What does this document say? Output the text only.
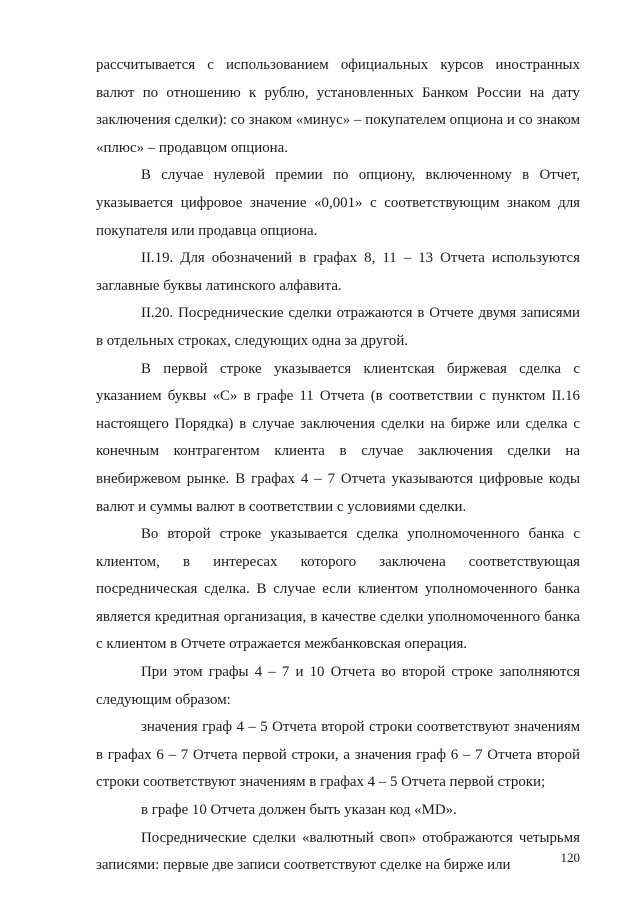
рассчитывается с использованием официальных курсов иностранных валют по отношению к рублю, установленных Банком России на дату заключения сделки): со знаком «минус» – покупателем опциона и со знаком «плюс» – продавцом опциона.

В случае нулевой премии по опциону, включенному в Отчет, указывается цифровое значение «0,001» с соответствующим знаком для покупателя или продавца опциона.

II.19. Для обозначений в графах 8, 11 – 13 Отчета используются заглавные буквы латинского алфавита.

II.20. Посреднические сделки отражаются в Отчете двумя записями в отдельных строках, следующих одна за другой.

В первой строке указывается клиентская биржевая сделка с указанием буквы «С» в графе 11 Отчета (в соответствии с пунктом II.16 настоящего Порядка) в случае заключения сделки на бирже или сделка с конечным контрагентом клиента в случае заключения сделки на внебиржевом рынке. В графах 4 – 7 Отчета указываются цифровые коды валют и суммы валют в соответствии с условиями сделки.

Во второй строке указывается сделка уполномоченного банка с клиентом, в интересах которого заключена соответствующая посредническая сделка. В случае если клиентом уполномоченного банка является кредитная организация, в качестве сделки уполномоченного банка с клиентом в Отчете отражается межбанковская операция.

При этом графы 4 – 7 и 10 Отчета во второй строке заполняются следующим образом:

значения граф 4 – 5 Отчета второй строки соответствуют значениям в графах 6 – 7 Отчета первой строки, а значения граф 6 – 7 Отчета второй строки соответствуют значениям в графах 4 – 5 Отчета первой строки;

в графе 10 Отчета должен быть указан код «MD».

Посреднические сделки «валютный своп» отображаются четырьмя записями: первые две записи соответствуют сделке на бирже или	120
